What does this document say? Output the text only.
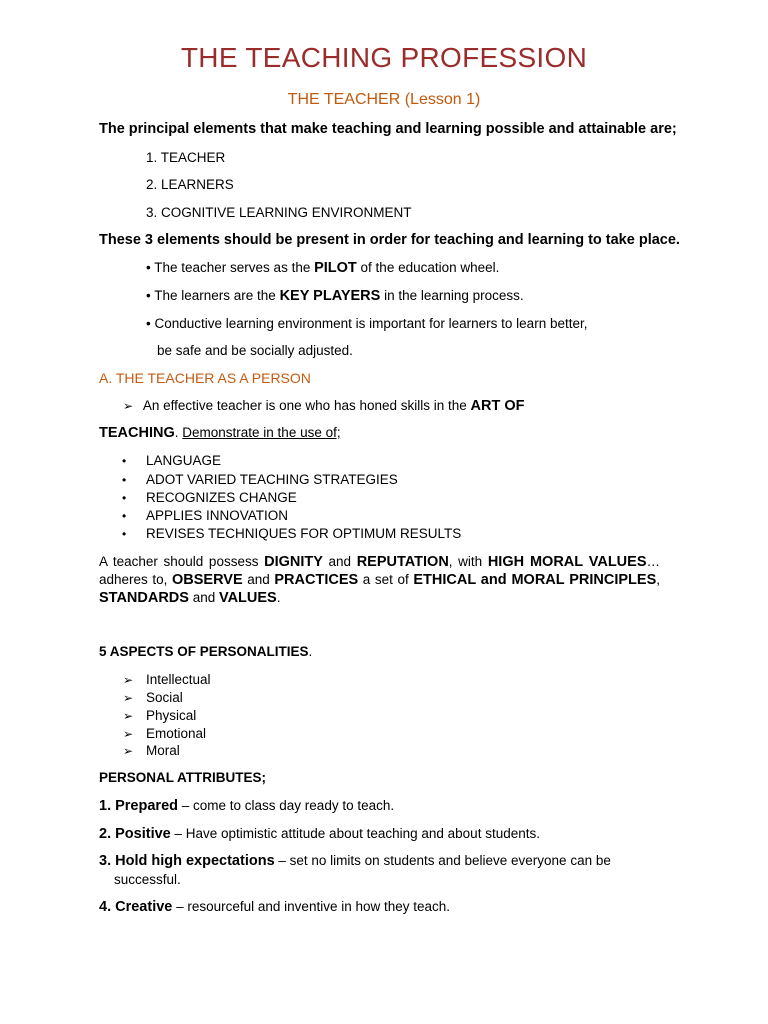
THE TEACHING PROFESSION
THE TEACHER (Lesson 1)
The principal elements that make teaching and learning possible and attainable are;
1. TEACHER
2. LEARNERS
3. COGNITIVE LEARNING ENVIRONMENT
These 3 elements should be present in order for teaching and learning to take place.
• The teacher serves as the PILOT of the education wheel.
• The learners are the KEY PLAYERS in the learning process.
• Conductive learning environment is important for learners to learn better,
be safe and be socially adjusted.
A. THE TEACHER AS A PERSON
➢ An effective teacher is one who has honed skills in the ART OF
TEACHING. Demonstrate in the use of;
• LANGUAGE
• ADOT VARIED TEACHING STRATEGIES
• RECOGNIZES CHANGE
• APPLIES INNOVATION
• REVISES TECHNIQUES FOR OPTIMUM RESULTS
A teacher should possess DIGNITY and REPUTATION, with HIGH MORAL VALUES… adheres to, OBSERVE and PRACTICES a set of ETHICAL and MORAL PRINCIPLES, STANDARDS and VALUES.
5 ASPECTS OF PERSONALITIES.
➢ Intellectual
➢ Social
➢ Physical
➢ Emotional
➢ Moral
PERSONAL ATTRIBUTES;
1. Prepared – come to class day ready to teach.
2. Positive – Have optimistic attitude about teaching and about students.
3. Hold high expectations – set no limits on students and believe everyone can be
successful.
4. Creative – resourceful and inventive in how they teach.
